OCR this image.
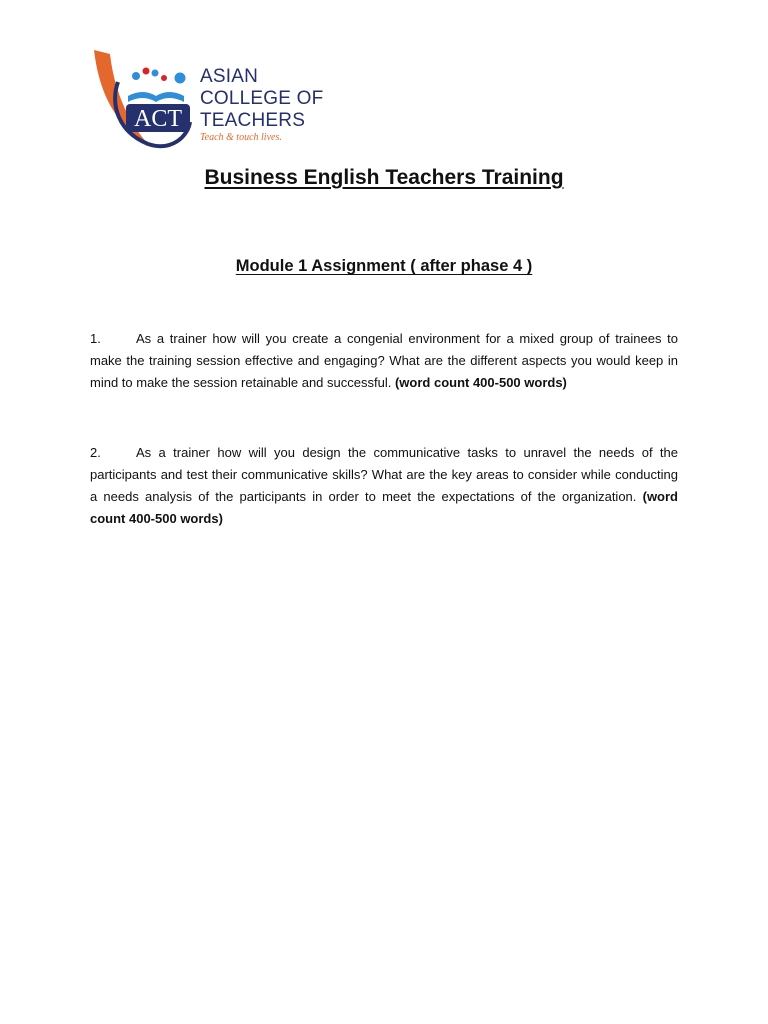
ACT
ASIAN
COLLEGE OF
TEACHERS
Teach & touch lives.
Business English Teachers Training
Module 1 Assignment ( after phase 4 )
1.	As a trainer how will you create a congenial environment for a mixed group of trainees to make the training session effective and engaging? What are the different aspects you would keep in mind to make the session retainable and successful. (word count 400-500 words)
2.	As a trainer how will you design the communicative tasks to unravel the needs of the participants and test their communicative skills? What are the key areas to consider while conducting a needs analysis of the participants in order to meet the expectations of the organization. (word count 400-500 words)
